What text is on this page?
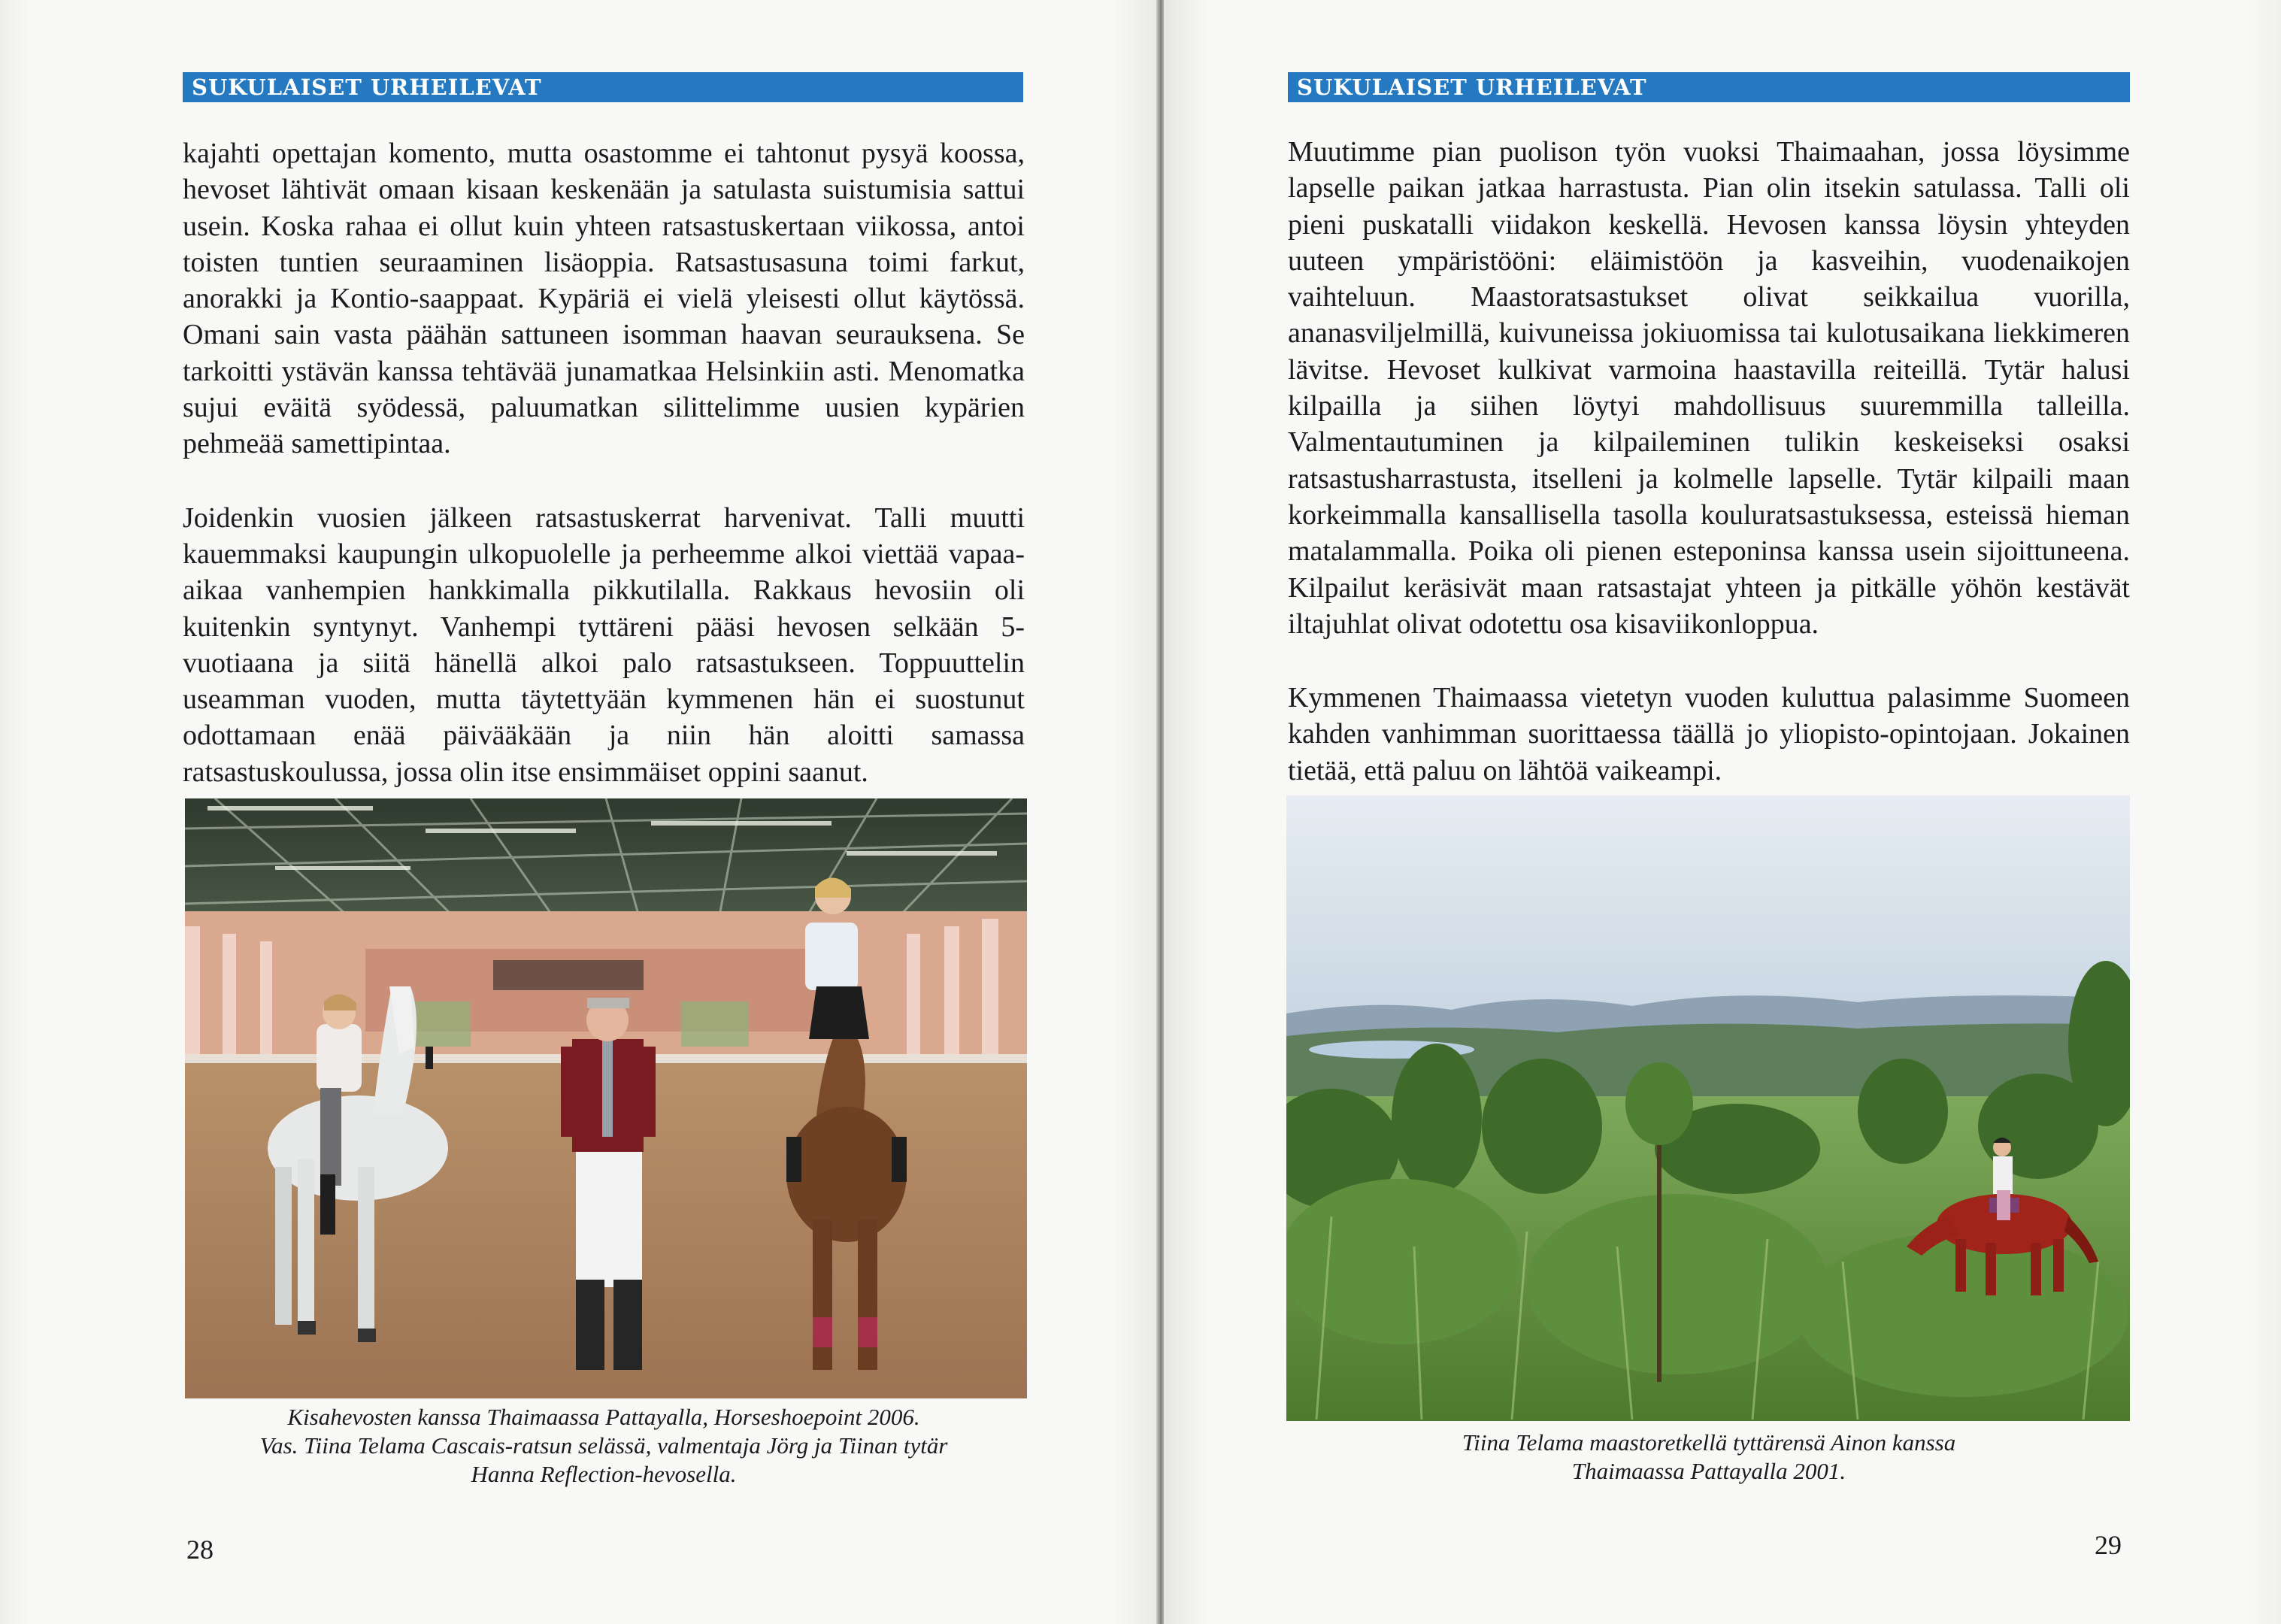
SUKULAISET URHEILEVAT

kajahti opettajan komento, mutta osastomme ei tahtonut pysyä koossa, hevoset lähtivät omaan kisaan keskenään ja satulasta suistumisia sattui usein. Koska rahaa ei ollut kuin yhteen ratsastuskertaan viikossa, antoi toisten tuntien seuraaminen lisäoppia. Ratsastusasuna toimi farkut, anorakki ja Kontio-saappaat. Kypäriä ei vielä yleisesti ollut käytössä. Omani sain vasta päähän sattuneen isomman haavan seurauksena. Se tarkoitti ystävän kanssa tehtävää junamatkaa Helsinkiin asti. Menomatka sujui eväitä syödessä, paluumatkan silittelimme uusien kypärien pehmeää samettipintaa.

Joidenkin vuosien jälkeen ratsastuskerrat harvenivat. Talli muutti kauemmaksi kaupungin ulkopuolelle ja perheemme alkoi viettää vapaa-aikaa vanhempien hankkimalla pikkutilalla. Rakkaus hevosiin oli kuitenkin syntynyt. Vanhempi tyttäreni pääsi hevosen selkään 5-vuotiaana ja siitä hänellä alkoi palo ratsastukseen. Toppuuttelin useamman vuoden, mutta täytettyään kymmenen hän ei suostunut odottamaan enää päivääkään ja niin hän aloitti samassa ratsastuskoulussa, jossa olin itse ensimmäiset oppini saanut.

Kisahevosten kanssa Thaimaassa Pattayalla, Horseshoepoint 2006.

Vas. Tiina Telama Cascais-ratsun selässä, valmentaja Jörg ja Tiinan tytär

Hanna Reflection-hevosella.

28
SUKULAISET URHEILEVAT

Muutimme pian puolison työn vuoksi Thaimaahan, jossa löysimme lapselle paikan jatkaa harrastusta. Pian olin itsekin satulassa. Talli oli pieni puskatalli viidakon keskellä. Hevosen kanssa löysin yhteyden uuteen ympäristööni: eläimistöön ja kasveihin, vuodenaikojen vaihteluun. Maastoratsastukset olivat seikkailua vuorilla, ananasviljelmillä, kuivuneissa jokiuomissa tai kulotusaikana liekkimeren lävitse. Hevoset kulkivat varmoina haastavilla reiteillä. Tytär halusi kilpailla ja siihen löytyi mahdollisuus suuremmilla talleilla. Valmentautuminen ja kilpaileminen tulikin keskeiseksi osaksi ratsastusharrastusta, itselleni ja kolmelle lapselle. Tytär kilpaili maan korkeimmalla kansallisella tasolla kouluratsastuksessa, esteissä hieman matalammalla. Poika oli pienen esteponinsa kanssa usein sijoittuneena. Kilpailut keräsivät maan ratsastajat yhteen ja pitkälle yöhön kestävät iltajuhlat olivat odotettu osa kisaviikonloppua.

Kymmenen Thaimaassa vietetyn vuoden kuluttua palasimme Suomeen kahden vanhimman suorittaessa täällä jo yliopisto-opintojaan. Jokainen tietää, että paluu on lähtöä vaikeampi.

Tiina Telama maastoretkellä tyttärensä Ainon kanssa

Thaimaassa Pattayalla 2001.

29
